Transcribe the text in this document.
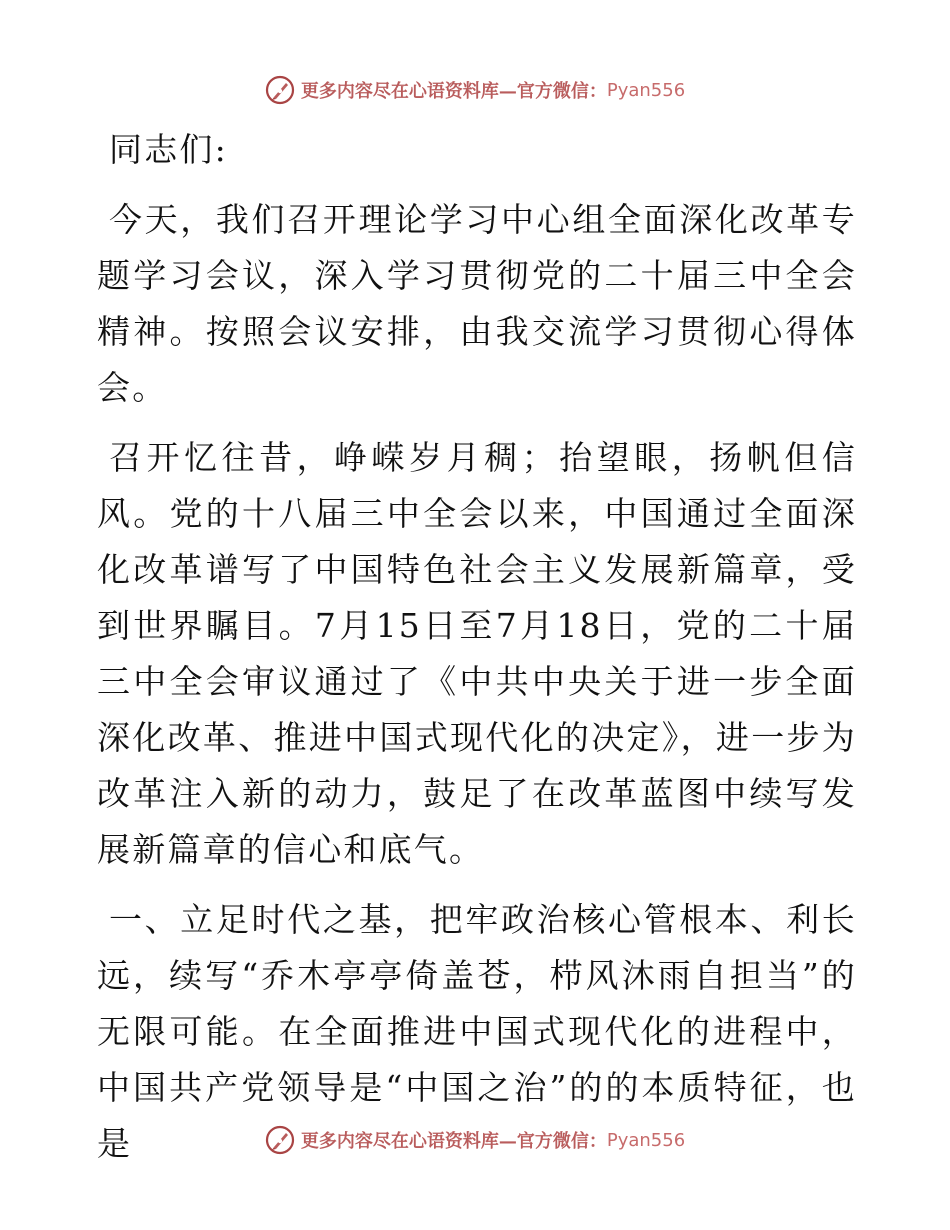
更多内容尽在心语资料库—官方微信： Pyan556

同志们:

今天，我们召开理论学习中心组全面深化改革专题学习会议，深入学习贯彻党的二十届三中全会精神。按照会议安排，由我交流学习贯彻心得体会。

召开忆往昔，峥嵘岁月稠；抬望眼，扬帆但信风。党的十八届三中全会以来，中国通过全面深化改革谱写了中国特色社会主义发展新篇章，受到世界瞩目。7月15日至7月18日，党的二十届三中全会审议通过了《中共中央关于进一步全面深化改革、推进中国式现代化的决定》，进一步为改革注入新的动力，鼓足了在改革蓝图中续写发展新篇章的信心和底气。

一、立足时代之基，把牢政治核心管根本、利长远，续写“乔木亭亭倚盖苍，栉风沐雨自担当”的无限可能。在全面推进中国式现代化的进程中，中国共产党领导是“中国之治”的的本质特征，也是	更多内容尽在心语资料库—官方微信： Pyan556
